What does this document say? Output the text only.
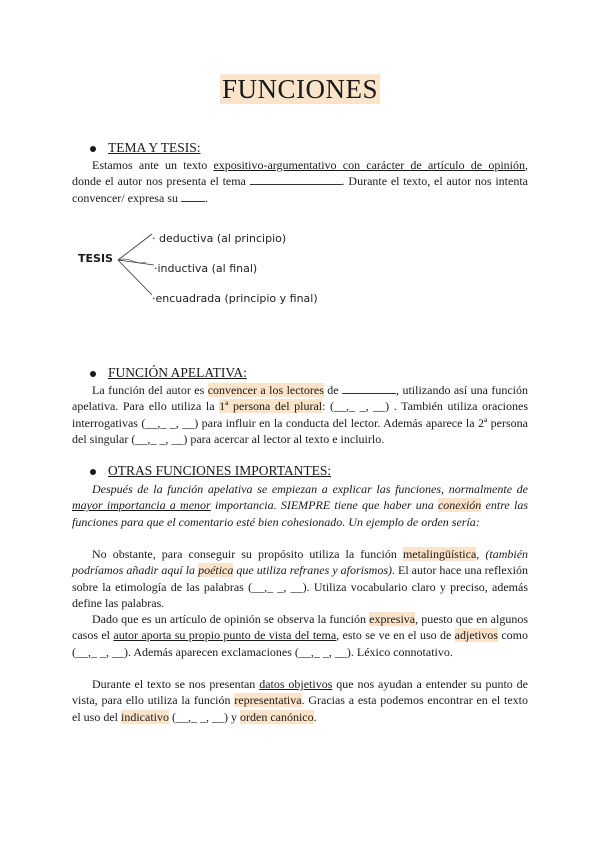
FUNCIONES
TEMA Y TESIS:
Estamos ante un texto expositivo-argumentativo con carácter de artículo de opinión, donde el autor nos presenta el tema	. Durante el texto, el autor nos intenta convencer/ expresa su .
TESIS
· deductiva (al principio)
·inductiva (al final)
·encuadrada (principio y final)
FUNCIÓN APELATIVA:
La función del autor es convencer a los lectores de	, utilizando así una función apelativa. Para ello utiliza la 1ª persona del plural: (__,_ _, __) . También utiliza oraciones interrogativas (__,_ _, __) para influir en la conducta del lector. Además aparece la 2ª persona del singular (__,_ _, __) para acercar al lector al texto e incluirlo.
OTRAS FUNCIONES IMPORTANTES:
Después de la función apelativa se empiezan a explicar las funciones, normalmente de mayor importancia a menor importancia. SIEMPRE tiene que haber una conexión entre las funciones para que el comentario esté bien cohesionado. Un ejemplo de orden sería:
No obstante, para conseguir su propósito utiliza la función metalingüística, (también podríamos añadir aquí la poética que utiliza refranes y aforismos). El autor hace una reflexión sobre la etimología de las palabras (__,_ _, __). Utiliza vocabulario claro y preciso, además define las palabras.
Dado que es un artículo de opinión se observa la función expresiva, puesto que en algunos casos el autor aporta su propio punto de vista del tema, esto se ve en el uso de adjetivos como (__,_ _, __). Además aparecen exclamaciones (__,_ _, __). Léxico connotativo.
Durante el texto se nos presentan datos objetivos que nos ayudan a entender su punto de vista, para ello utiliza la función representativa. Gracias a esta podemos encontrar en el texto el uso del indicativo (__,_ _, __) y orden canónico.
